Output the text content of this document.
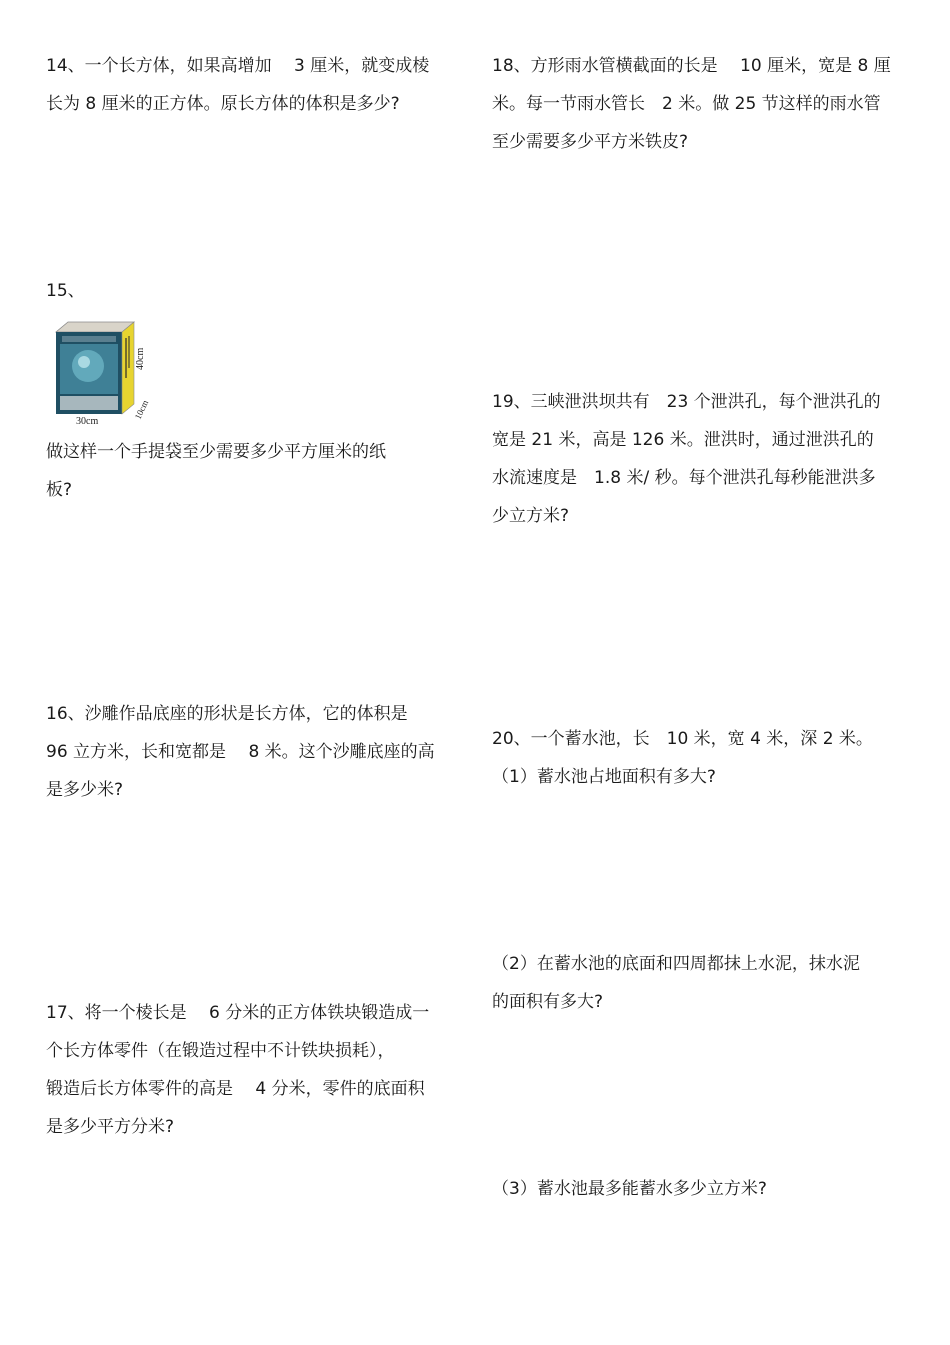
14、一个长方体，如果高增加　 3 厘米，就变成棱

长为 8 厘米的正方体。原长方体的体积是多少?

15、

40cm
10cm
30cm

做这样一个手提袋至少需要多少平方厘米的纸

板?

16、沙雕作品底座的形状是长方体，它的体积是

96 立方米，长和宽都是　 8 米。这个沙雕底座的高

是多少米?

17、将一个棱长是　 6 分米的正方体铁块锻造成一

个长方体零件（在锻造过程中不计铁块损耗），

锻造后长方体零件的高是　 4 分米，零件的底面积

是多少平方分米?

18、方形雨水管横截面的长是　 10 厘米，宽是 8 厘

米。每一节雨水管长　2 米。做 25 节这样的雨水管

至少需要多少平方米铁皮?

19、三峡泄洪坝共有　23 个泄洪孔，每个泄洪孔的

宽是 21 米，高是 126 米。泄洪时，通过泄洪孔的

水流速度是　1.8 米/ 秒。每个泄洪孔每秒能泄洪多

少立方米?

20、一个蓄水池，长　10 米，宽 4 米，深 2 米。

（1）蓄水池占地面积有多大?

（2）在蓄水池的底面和四周都抹上水泥，抹水泥

的面积有多大?

（3）蓄水池最多能蓄水多少立方米?
